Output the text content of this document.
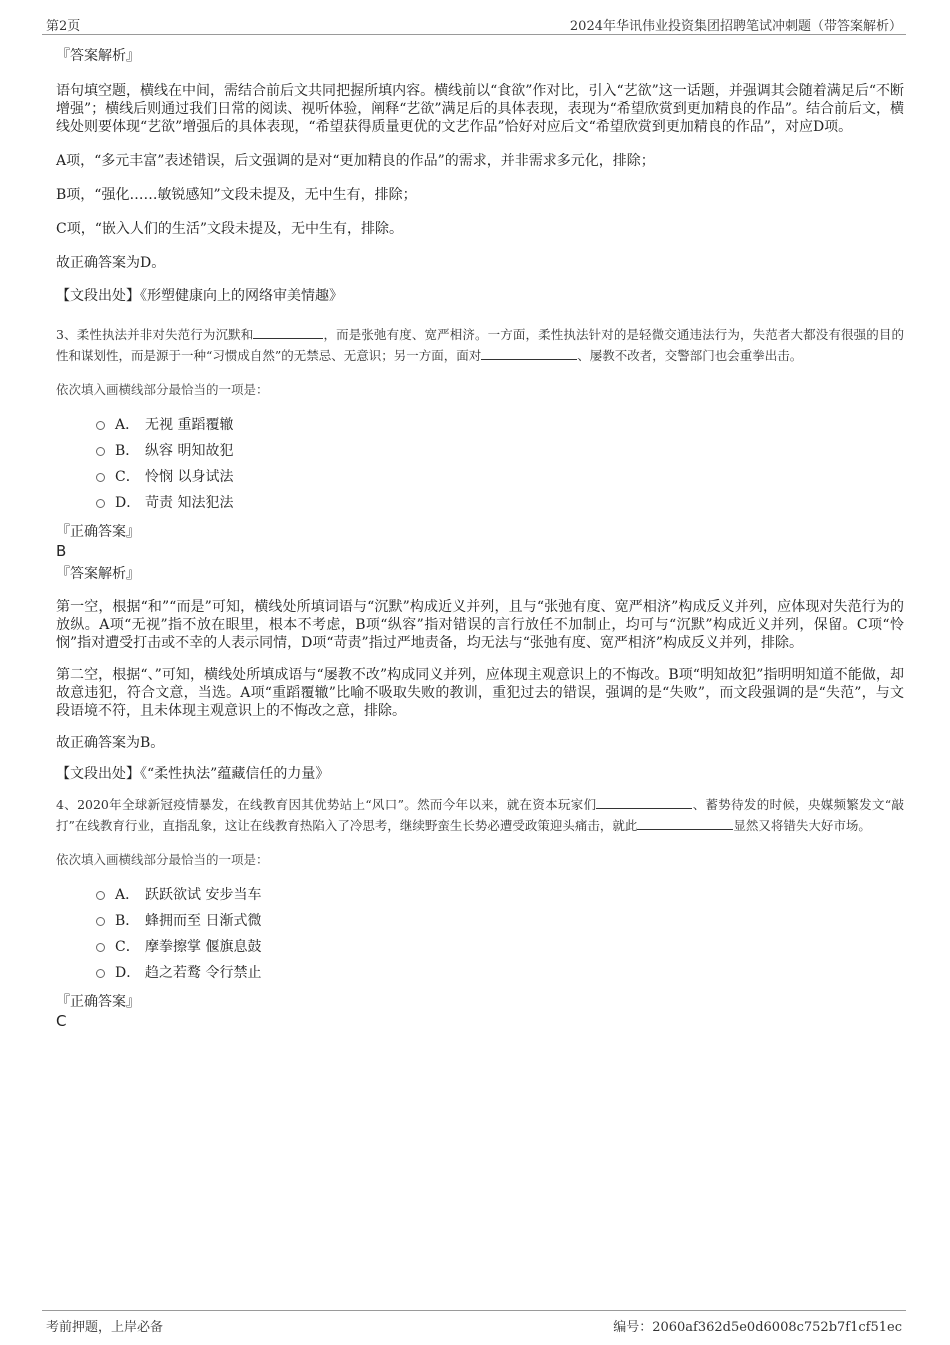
第2页	2024年华讯伟业投资集团招聘笔试冲刺题（带答案解析）

『答案解析』

语句填空题，横线在中间，需结合前后文共同把握所填内容。横线前以“食欲”作对比，引入“艺欲”这一话题，并强调其会随着满足后“不断增强”；横线后则通过我们日常的阅读、视听体验，阐释“艺欲”满足后的具体表现，表现为“希望欣赏到更加精良的作品”。结合前后文，横线处则要体现“艺欲”增强后的具体表现，“希望获得质量更优的文艺作品”恰好对应后文“希望欣赏到更加精良的作品”，对应D项。

A项，“多元丰富”表述错误，后文强调的是对“更加精良的作品”的需求，并非需求多元化，排除；

B项，“强化……敏锐感知”文段未提及，无中生有，排除；

C项，“嵌入人们的生活”文段未提及，无中生有，排除。

故正确答案为D。

【文段出处】《形塑健康向上的网络审美情趣》

3、柔性执法并非对失范行为沉默和	，而是张弛有度、宽严相济。一方面，柔性执法针对的是轻微交通违法行为，失范者大都没有很强的目的性和谋划性，而是源于一种“习惯成自然”的无禁忌、无意识；另一方面，面对	、屡教不改者，交警部门也会重拳出击。

依次填入画横线部分最恰当的一项是：

A． 无视 重蹈覆辙
B． 纵容 明知故犯
C． 怜悯 以身试法
D． 苛责 知法犯法

『正确答案』

B

『答案解析』

第一空，根据“和”“而是”可知，横线处所填词语与“沉默”构成近义并列，且与“张弛有度、宽严相济”构成反义并列，应体现对失范行为的放纵。A项“无视”指不放在眼里，根本不考虑，B项“纵容”指对错误的言行放任不加制止，均可与“沉默”构成近义并列，保留。C项“怜悯”指对遭受打击或不幸的人表示同情，D项“苛责”指过严地责备，均无法与“张弛有度、宽严相济”构成反义并列，排除。

第二空，根据“、”可知，横线处所填成语与“屡教不改”构成同义并列，应体现主观意识上的不悔改。B项“明知故犯”指明明知道不能做，却故意违犯，符合文意，当选。A项“重蹈覆辙”比喻不吸取失败的教训，重犯过去的错误，强调的是“失败”，而文段强调的是“失范”，与文段语境不符，且未体现主观意识上的不悔改之意，排除。

故正确答案为B。

【文段出处】《“柔性执法”蕴藏信任的力量》

4、2020年全球新冠疫情暴发，在线教育因其优势站上“风口”。然而今年以来，就在资本玩家们	、蓄势待发的时候，央媒频繁发文“敲打”在线教育行业，直指乱象，这让在线教育热陷入了冷思考，继续野蛮生长势必遭受政策迎头痛击，就此	显然又将错失大好市场。

依次填入画横线部分最恰当的一项是：

A． 跃跃欲试 安步当车
B． 蜂拥而至 日渐式微
C． 摩拳擦掌 偃旗息鼓
D． 趋之若鹜 令行禁止

『正确答案』

C

考前押题，上岸必备	编号：2060af362d5e0d6008c752b7f1cf51ec
